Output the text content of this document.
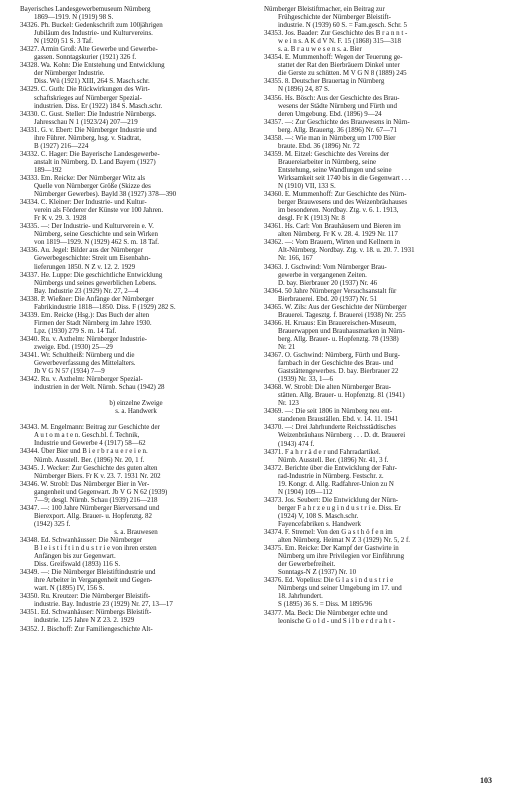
Bayerisches Landesgewerbemuseum Nürnberg
1869—1919. N (1919) 98 S.
34326. Ph. Buckel: Gedenkschrift zum 100jährigen
Jubiläum des Industrie- und Kulturvereins.
N (1920) 51 S. 3 Taf.
34327. Armin Groß: Alte Gewerbe und Gewerbe-
gassen. Sonntagskurier (1921) 326 f.
34328. Wa. Kohn: Die Entstehung und Entwicklung
der Nürnberger Industrie.
Diss. Wü (1921) XIII, 264 S. Masch.schr.
34329. C. Guth: Die Rückwirkungen des Wirt-
schaftskrieges auf Nürnberger Spezial-
industrien. Diss. Er (1922) 184 S. Masch.schr.
34330. C. Gust. Steller: Die Industrie Nürnbergs.
Jahresschau N 1 (1923/24) 207—219
34331. G. v. Ebert: Die Nürnberger Industrie und
ihre Führer. Nürnberg, hsg. v. Stadtrat,
B (1927) 216—224
34332. C. Hager: Die Bayerische Landesgewerbe-
anstalt in Nürnberg. D. Land Bayern (1927)
189—192
34333. Em. Reicke: Der Nürnberger Witz als
Quelle von Nürnberger Größe (Skizze des
Nürnberger Gewerbes). Bayld 38 (1927) 378—390
34334. C. Kleiner: Der Industrie- und Kultur-
verein als Förderer der Künste vor 100 Jahren.
Fr K v. 29. 3. 1928
34335. —: Der Industrie- und Kulturverein e. V.
Nürnberg, seine Geschichte und sein Wirken
von 1819—1929. N (1929) 462 S. m. 18 Taf.
34336. Au. Jegel: Bilder aus der Nürnberger
Gewerbegeschichte: Streit um Eisenbahn-
lieferungen 1850. N Z v. 12. 2. 1929
34337. He. Luppe: Die geschichtliche Entwicklung
Nürnbergs und seines gewerblichen Lebens.
Bay. Industrie 23 (1929) Nr. 27, 2—4
34338. P. Wießner: Die Anfänge der Nürnberger
Fabrikindustrie 1818—1850. Diss. F (1929) 282 S.
34339. Em. Reicke (Hsg.): Das Buch der alten
Firmen der Stadt Nürnberg im Jahre 1930.
Lpz. (1930) 279 S. m. 14 Taf.
34340. Ru. v. Axthelm: Nürnberger Industrie-
zweige. Ebd. (1930) 25—29
34341. Wr. Schultheiß: Nürnberg und die
Gewerbeverfassung des Mittelalters.
Jb V G N 57 (1934) 7—9
34342. Ru. v. Axthelm: Nürnberger Spezial-
industrien in der Welt. Nürnb. Schau (1942) 28
b) einzelne Zweige
s. a. Handwerk
34343. M. Engelmann: Beitrag zur Geschichte der
A u t o m a t e n. Gesch.bl. f. Technik,
Industrie und Gewerbe 4 (1917) 58—62
34344. Über Bier und B i e r b r a u e r e i e n.
Nürnb. Ausstell. Ber. (1896) Nr. 20, 1 f.
34345. J. Wecker: Zur Geschichte des guten alten
Nürnberger Biers. Fr K v. 23. 7. 1931 Nr. 202
34346. W. Strobl: Das Nürnberger Bier in Ver-
gangenheit und Gegenwart. Jb V G N 62 (1939)
7—9; desgl. Nürnb. Schau (1939) 216—218
34347. —: 100 Jahre Nürnberger Bierversand und
Bierexport. Allg. Brauer- u. Hopfenztg. 82
(1942) 325 f.
s. a. Brauwesen
34348. Ed. Schwanhäusser: Die Nürnberger
B l e i s t i f t i n d u s t r i e von ihren ersten
Anfängen bis zur Gegenwart.
Diss. Greifswald (1893) 116 S.
34349. —: Die Nürnberger Bleistiftindustrie und
ihre Arbeiter in Vergangenheit und Gegen-
wart. N (1895) IV, 156 S.
34350. Ru. Kreutzer: Die Nürnberger Bleistift-
industrie. Bay. Industrie 23 (1929) Nr. 27, 13—17
34351. Ed. Schwanhäuser: Nürnbergs Bleistift-
industrie. 125 Jahre N Z 23. 2. 1929
34352. J. Bischoff: Zur Familiengeschichte Alt-
Nürnberger Bleistiftmacher, ein Beitrag zur
Frühgeschichte der Nürnberger Bleistift-
industrie. N (1939) 60 S. = Fam.gesch. Schr. 5
34353. Jos. Baader: Zur Geschichte des B r a n n t -
w e i n s. A K d V N. F. 15 (1868) 315—318
s. a. B r a u w e s e n s. a. Bier
34354. E. Mummenhoff: Wegen der Teuerung ge-
stattet der Rat den Bierbräuern Dinkel unter
die Gerste zu schütten. M V G N 8 (1889) 245
34355. 8. Deutscher Brauertag in Nürnberg
N (1896) 24, 87 S.
34356. Hs. Bösch: Aus der Geschichte des Brau-
wesens der Städte Nürnberg und Fürth und
deren Umgebung. Ebd. (1896) 9—24
34357. —: Zur Geschichte des Brauwesens in Nürn-
berg. Allg. Brauertg. 36 (1896) Nr. 67—71
34358. —: Wie man in Nürnberg um 1700 Bier
braute. Ebd. 36 (1896) Nr. 72
34359. M. Eitzel: Geschichte des Vereins der
Brauereiarbeiter in Nürnberg, seine
Entstehung, seine Wandlungen und seine
Wirksamkeit seit 1740 bis in die Gegenwart . . .
N (1910) VII, 133 S.
34360. E. Mummenhoff: Zur Geschichte des Nürn-
berger Brauwesens und des Weizenbräuhauses
im besonderen. Nordbay. Ztg. v. 6. 1. 1913,
desgl. Fr K (1913) Nr. 8
34361. Hs. Carl: Von Brauhäusern und Bieren im
alten Nürnberg. Fr K v. 28. 4. 1929 Nr. 117
34362. —: Vom Brauern, Wirten und Kellnern in
Alt-Nürnberg. Nordbay. Ztg. v. 18. u. 20. 7. 1931
Nr. 166, 167
34363. J. Gschwind: Vom Nürnberger Brau-
gewerbe in vergangenen Zeiten.
D. bay. Bierbrauer 20 (1937) Nr. 46
34364. 50 Jahre Nürnberger Versuchsanstalt für
Bierbrauerei. Ebd. 20 (1937) Nr. 51
34365. W. Zils: Aus der Geschichte der Nürnberger
Brauerei. Tagesztg. f. Brauerei (1938) Nr. 255
34366. H. Kruaus: Ein Brauereischen-Museum,
Brauerwappen und Brauhausmarken in Nürn-
berg. Allg. Brauer- u. Hopfenztg. 78 (1938)
Nr. 21
34367. O. Gschwind: Nürnberg, Fürth und Burg-
farnbach in der Geschichte des Brau- und
Gaststättengewerbes. D. bay. Bierbrauer 22
(1939) Nr. 33, 1—6
34368. W. Strobl: Die alten Nürnberger Brau-
stätten. Allg. Brauer- u. Hopfenztg. 81 (1941)
Nr. 123
34369. —: Die seit 1806 in Nürnberg neu ent-
standenen Brauställen. Ebd. v. 14. 11. 1941
34370. —: Drei Jahrhunderte Reichsstädtisches
Weizenbräuhaus Nürnberg . . . D. dt. Brauerei
(1943) 474 f.
34371. F a h r r ä d e r und Fahrradartikel.
Nürnb. Ausstell. Ber. (1896) Nr. 41, 3 f.
34372. Berichte über die Entwicklung der Fahr-
rad-Industrie in Nürnberg. Festschr. z.
19. Kongr. d. Allg. Radfahrer-Union zu N
N (1904) 109—112
34373. Jos. Seubert: Die Entwicklung der Nürn-
berger F a h r z e u g i n d u s t r i e. Diss. Er
(1924) V, 108 S. Masch.schr.
Fayencefabriken s. Handwerk
34374. F. Stremel: Von den G a s t h ö f e n im
alten Nürnberg. Heimat N Z 3 (1929) Nr. 5, 2 f.
34375. Em. Reicke: Der Kampf der Gastwirte in
Nürnberg um ihre Privilegien vor Einführung
der Gewerbefreiheit.
Sonntags-N Z (1937) Nr. 10
34376. Ed. Vopelius: Die G l a s i n d u s t r i e
Nürnbergs und seiner Umgebung im 17. und
18. Jahrhundert.
S (1895) 36 S. = Diss. M 1895/96
34377. Ma. Beck: Die Nürnberger echte und
leonische G o l d - und S i l b e r d r a h t -
103
